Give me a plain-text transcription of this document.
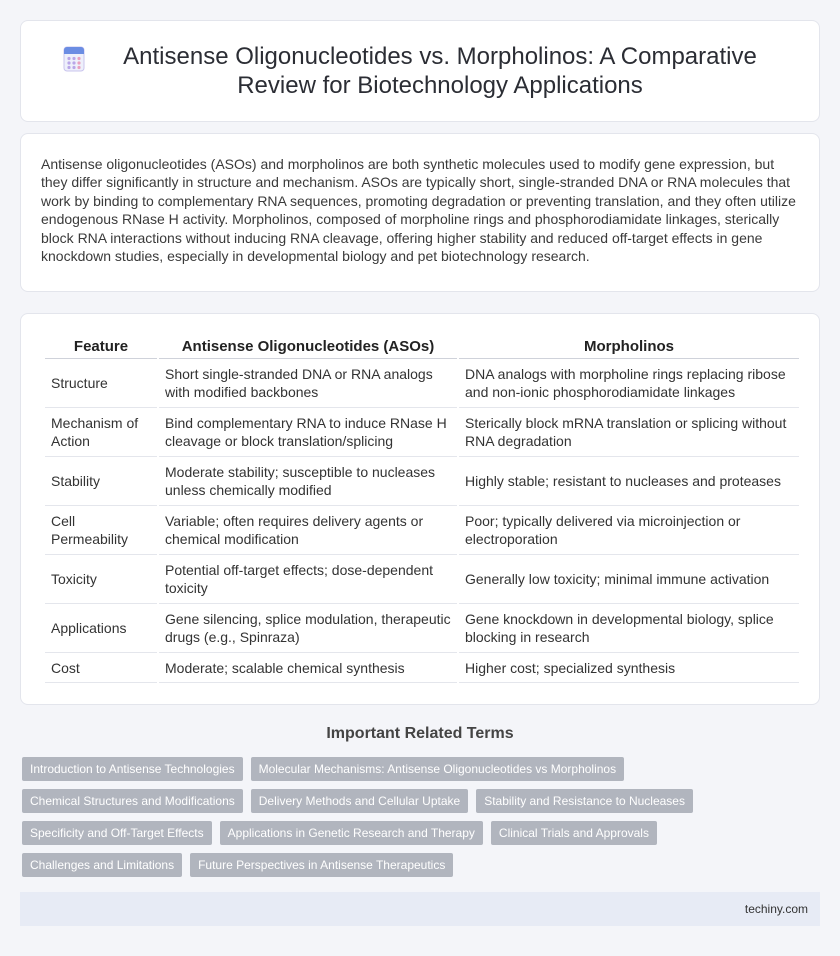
Antisense Oligonucleotides vs. Morpholinos: A Comparative Review for Biotechnology Applications

Antisense oligonucleotides (ASOs) and morpholinos are both synthetic molecules used to modify gene expression, but they differ significantly in structure and mechanism. ASOs are typically short, single-stranded DNA or RNA molecules that work by binding to complementary RNA sequences, promoting degradation or preventing translation, and they often utilize endogenous RNase H activity. Morpholinos, composed of morpholine rings and phosphorodiamidate linkages, sterically block RNA interactions without inducing RNA cleavage, offering higher stability and reduced off-target effects in gene knockdown studies, especially in developmental biology and pet biotechnology research.

Feature	Antisense Oligonucleotides (ASOs)	Morpholinos
Structure	Short single-stranded DNA or RNA analogs with modified backbones	DNA analogs with morpholine rings replacing ribose and non-ionic phosphorodiamidate linkages
Mechanism of Action	Bind complementary RNA to induce RNase H cleavage or block translation/splicing	Sterically block mRNA translation or splicing without RNA degradation
Stability	Moderate stability; susceptible to nucleases unless chemically modified	Highly stable; resistant to nucleases and proteases
Cell Permeability	Variable; often requires delivery agents or chemical modification	Poor; typically delivered via microinjection or electroporation
Toxicity	Potential off-target effects; dose-dependent toxicity	Generally low toxicity; minimal immune activation
Applications	Gene silencing, splice modulation, therapeutic drugs (e.g., Spinraza)	Gene knockdown in developmental biology, splice blocking in research
Cost	Moderate; scalable chemical synthesis	Higher cost; specialized synthesis
Important Related Terms
Introduction to Antisense Technologies	Molecular Mechanisms: Antisense Oligonucleotides vs Morpholinos
Chemical Structures and Modifications	Delivery Methods and Cellular Uptake	Stability and Resistance to Nucleases
Specificity and Off-Target Effects	Applications in Genetic Research and Therapy	Clinical Trials and Approvals
Challenges and Limitations	Future Perspectives in Antisense Therapeutics
techiny.com
